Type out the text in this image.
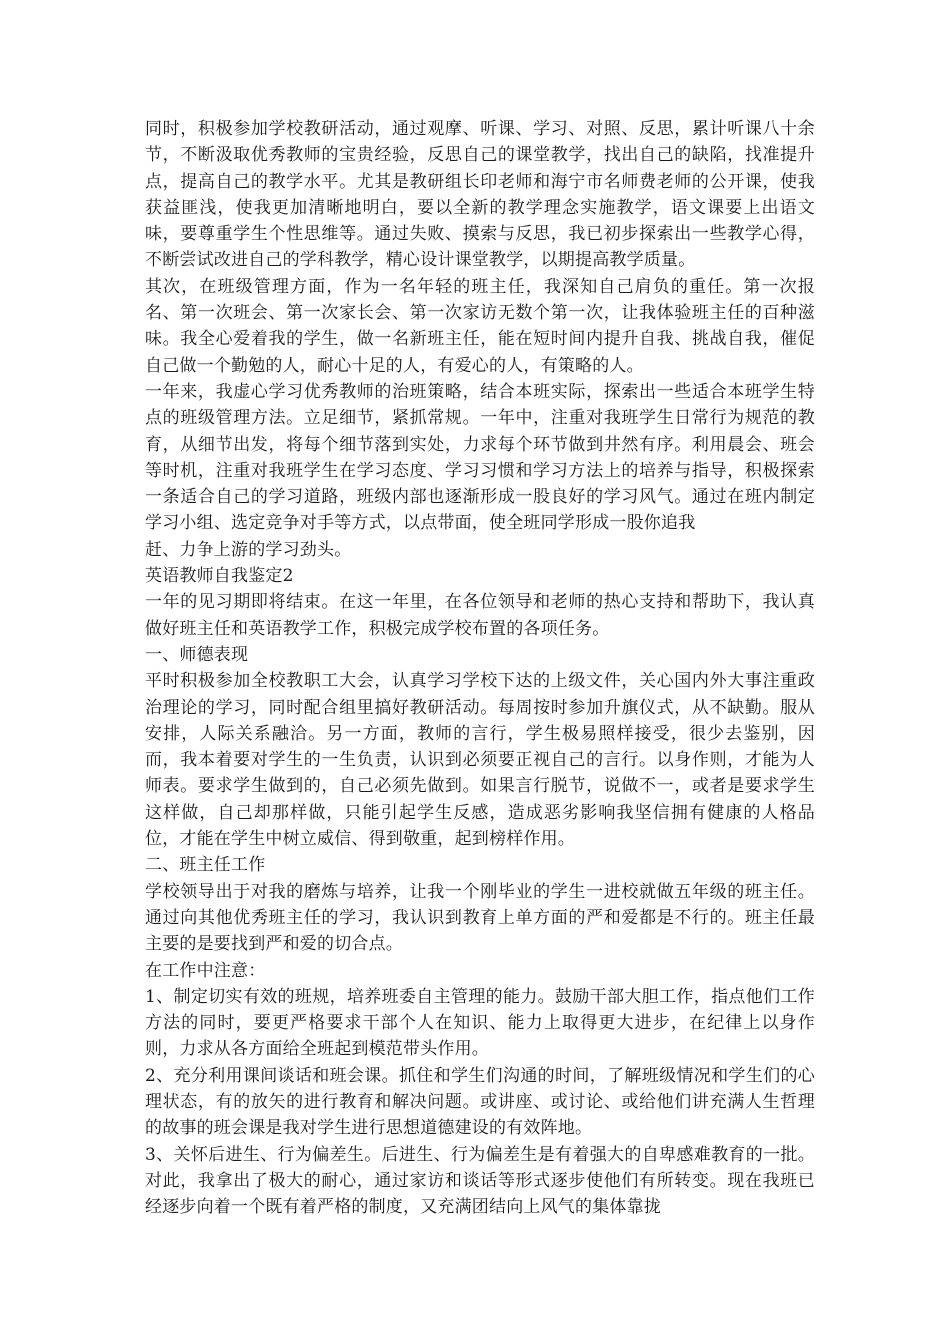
同时，积极参加学校教研活动，通过观摩、听课、学习、对照、反思，累计听课八十余节，不断汲取优秀教师的宝贵经验，反思自己的课堂教学，找出自己的缺陷，找准提升点，提高自己的教学水平。尤其是教研组长印老师和海宁市名师费老师的公开课，使我获益匪浅，使我更加清晰地明白，要以全新的教学理念实施教学，语文课要上出语文味，要尊重学生个性思维等。通过失败、摸索与反思，我已初步探索出一些教学心得，不断尝试改进自己的学科教学，精心设计课堂教学，以期提高教学质量。

其次，在班级管理方面，作为一名年轻的班主任，我深知自己肩负的重任。第一次报名、第一次班会、第一次家长会、第一次家访无数个第一次，让我体验班主任的百种滋味。我全心爱着我的学生，做一名新班主任，能在短时间内提升自我、挑战自我，催促自己做一个勤勉的人，耐心十足的人，有爱心的人，有策略的人。

一年来，我虚心学习优秀教师的治班策略，结合本班实际，探索出一些适合本班学生特点的班级管理方法。立足细节，紧抓常规。一年中，注重对我班学生日常行为规范的教育，从细节出发，将每个细节落到实处，力求每个环节做到井然有序。利用晨会、班会等时机，注重对我班学生在学习态度、学习习惯和学习方法上的培养与指导，积极探索一条适合自己的学习道路，班级内部也逐渐形成一股良好的学习风气。通过在班内制定学习小组、选定竞争对手等方式，以点带面，使全班同学形成一股你追我

赶、力争上游的学习劲头。

英语教师自我鉴定2

一年的见习期即将结束。在这一年里，在各位领导和老师的热心支持和帮助下，我认真做好班主任和英语教学工作，积极完成学校布置的各项任务。

一、师德表现

平时积极参加全校教职工大会，认真学习学校下达的上级文件，关心国内外大事注重政治理论的学习，同时配合组里搞好教研活动。每周按时参加升旗仪式，从不缺勤。服从安排，人际关系融洽。另一方面，教师的言行，学生极易照样接受，很少去鉴别，因而，我本着要对学生的一生负责，认识到必须要正视自己的言行。以身作则，才能为人师表。要求学生做到的，自己必须先做到。如果言行脱节，说做不一，或者是要求学生这样做，自己却那样做，只能引起学生反感，造成恶劣影响我坚信拥有健康的人格品位，才能在学生中树立威信、得到敬重，起到榜样作用。

二、班主任工作

学校领导出于对我的磨炼与培养，让我一个刚毕业的学生一进校就做五年级的班主任。通过向其他优秀班主任的学习，我认识到教育上单方面的严和爱都是不行的。班主任最主要的是要找到严和爱的切合点。

在工作中注意：

1、制定切实有效的班规，培养班委自主管理的能力。鼓励干部大胆工作，指点他们工作方法的同时，要更严格要求干部个人在知识、能力上取得更大进步，在纪律上以身作则，力求从各方面给全班起到模范带头作用。

2、充分利用课间谈话和班会课。抓住和学生们沟通的时间，了解班级情况和学生们的心理状态，有的放矢的进行教育和解决问题。或讲座、或讨论、或给他们讲充满人生哲理的故事的班会课是我对学生进行思想道德建设的有效阵地。

3、关怀后进生、行为偏差生。后进生、行为偏差生是有着强大的自卑感难教育的一批。对此，我拿出了极大的耐心，通过家访和谈话等形式逐步使他们有所转变。现在我班已经逐步向着一个既有着严格的制度，又充满团结向上风气的集体靠拢
